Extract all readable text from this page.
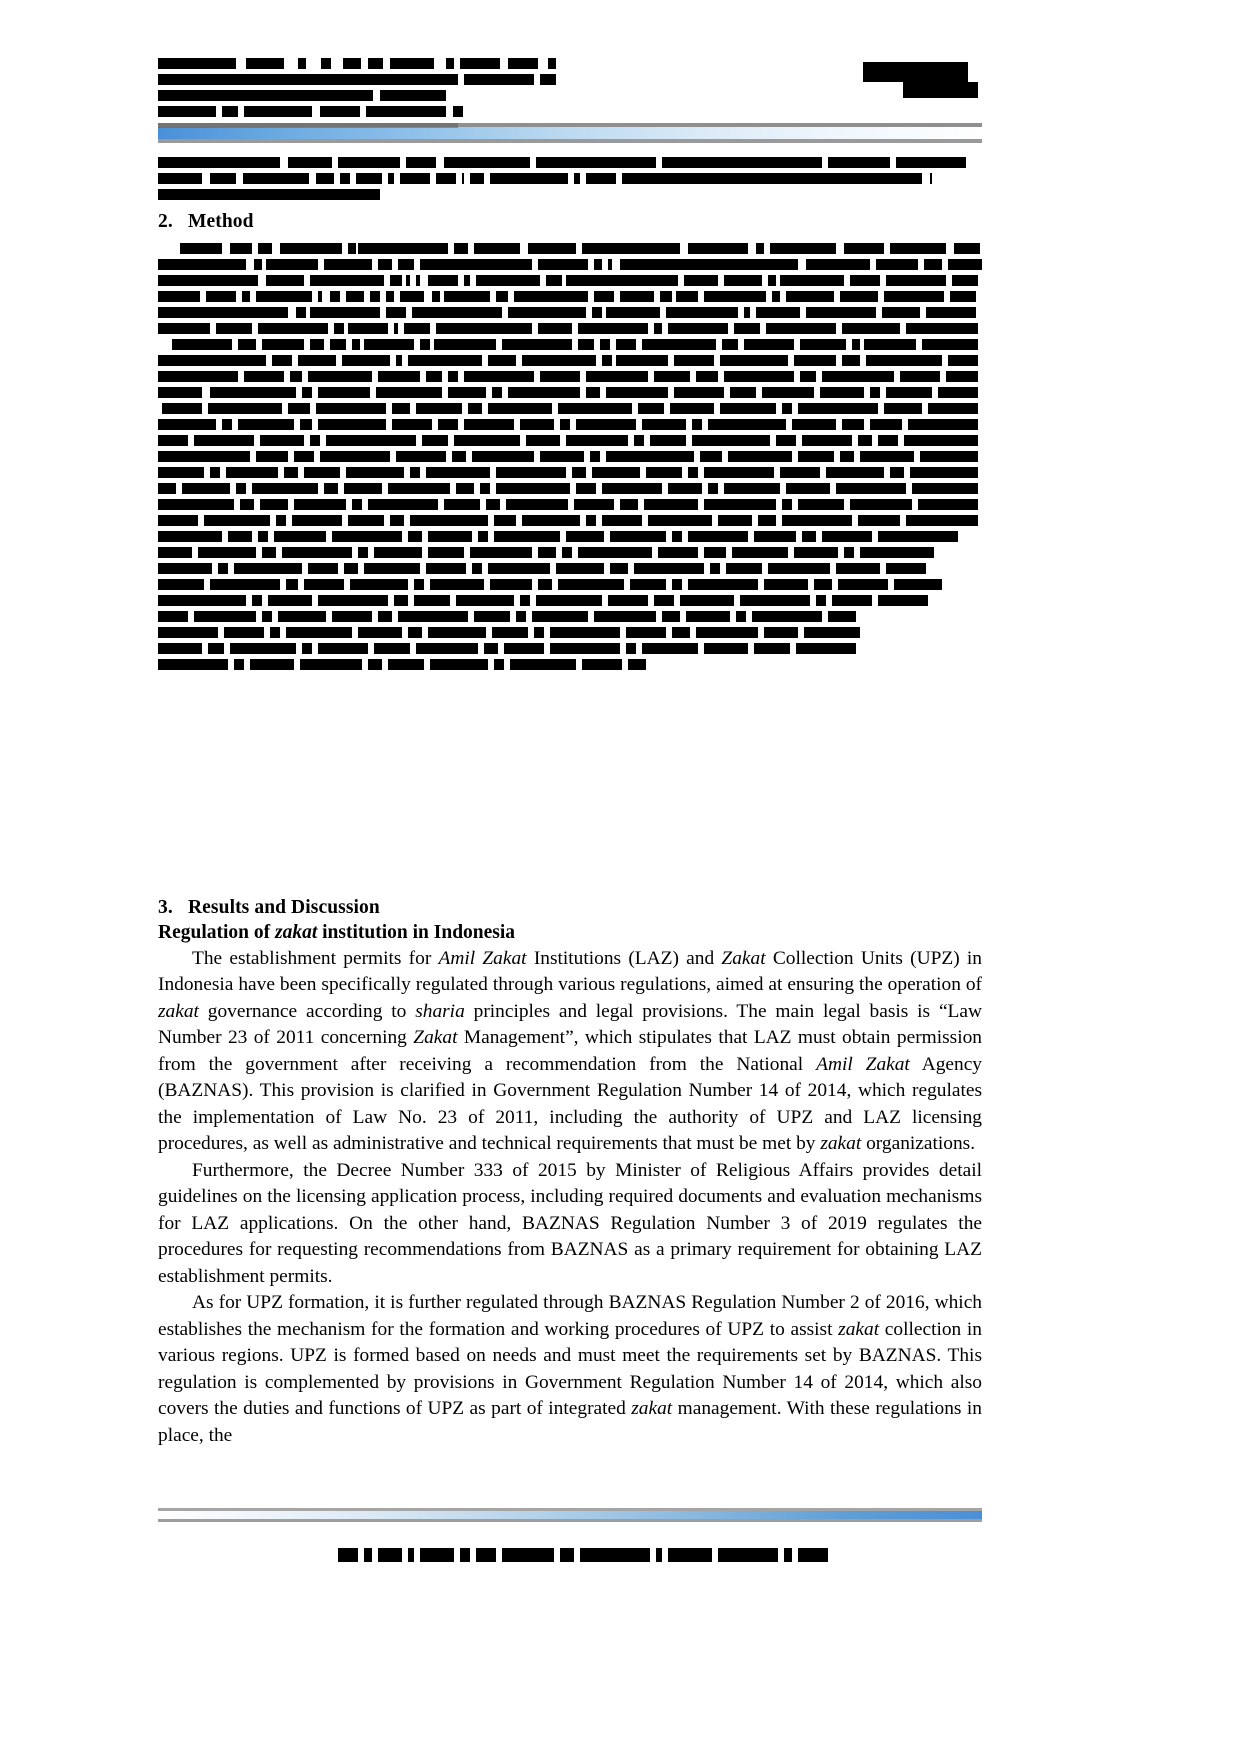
2. Method
3. Results and Discussion
Regulation of zakat institution in Indonesia

The establishment permits for Amil Zakat Institutions (LAZ) and Zakat Collection Units (UPZ) in Indonesia have been specifically regulated through various regulations, aimed at ensuring the operation of zakat governance according to sharia principles and legal provisions. The main legal basis is “Law Number 23 of 2011 concerning Zakat Management”, which stipulates that LAZ must obtain permission from the government after receiving a recommendation from the National Amil Zakat Agency (BAZNAS). This provision is clarified in Government Regulation Number 14 of 2014, which regulates the implementation of Law No. 23 of 2011, including the authority of UPZ and LAZ licensing procedures, as well as administrative and technical requirements that must be met by zakat organizations.

Furthermore, the Decree Number 333 of 2015 by Minister of Religious Affairs provides detail guidelines on the licensing application process, including required documents and evaluation mechanisms for LAZ applications. On the other hand, BAZNAS Regulation Number 3 of 2019 regulates the procedures for requesting recommendations from BAZNAS as a primary requirement for obtaining LAZ establishment permits.

As for UPZ formation, it is further regulated through BAZNAS Regulation Number 2 of 2016, which establishes the mechanism for the formation and working procedures of UPZ to assist zakat collection in various regions. UPZ is formed based on needs and must meet the requirements set by BAZNAS. This regulation is complemented by provisions in Government Regulation Number 14 of 2014, which also covers the duties and functions of UPZ as part of integrated zakat management. With these regulations in place, the
